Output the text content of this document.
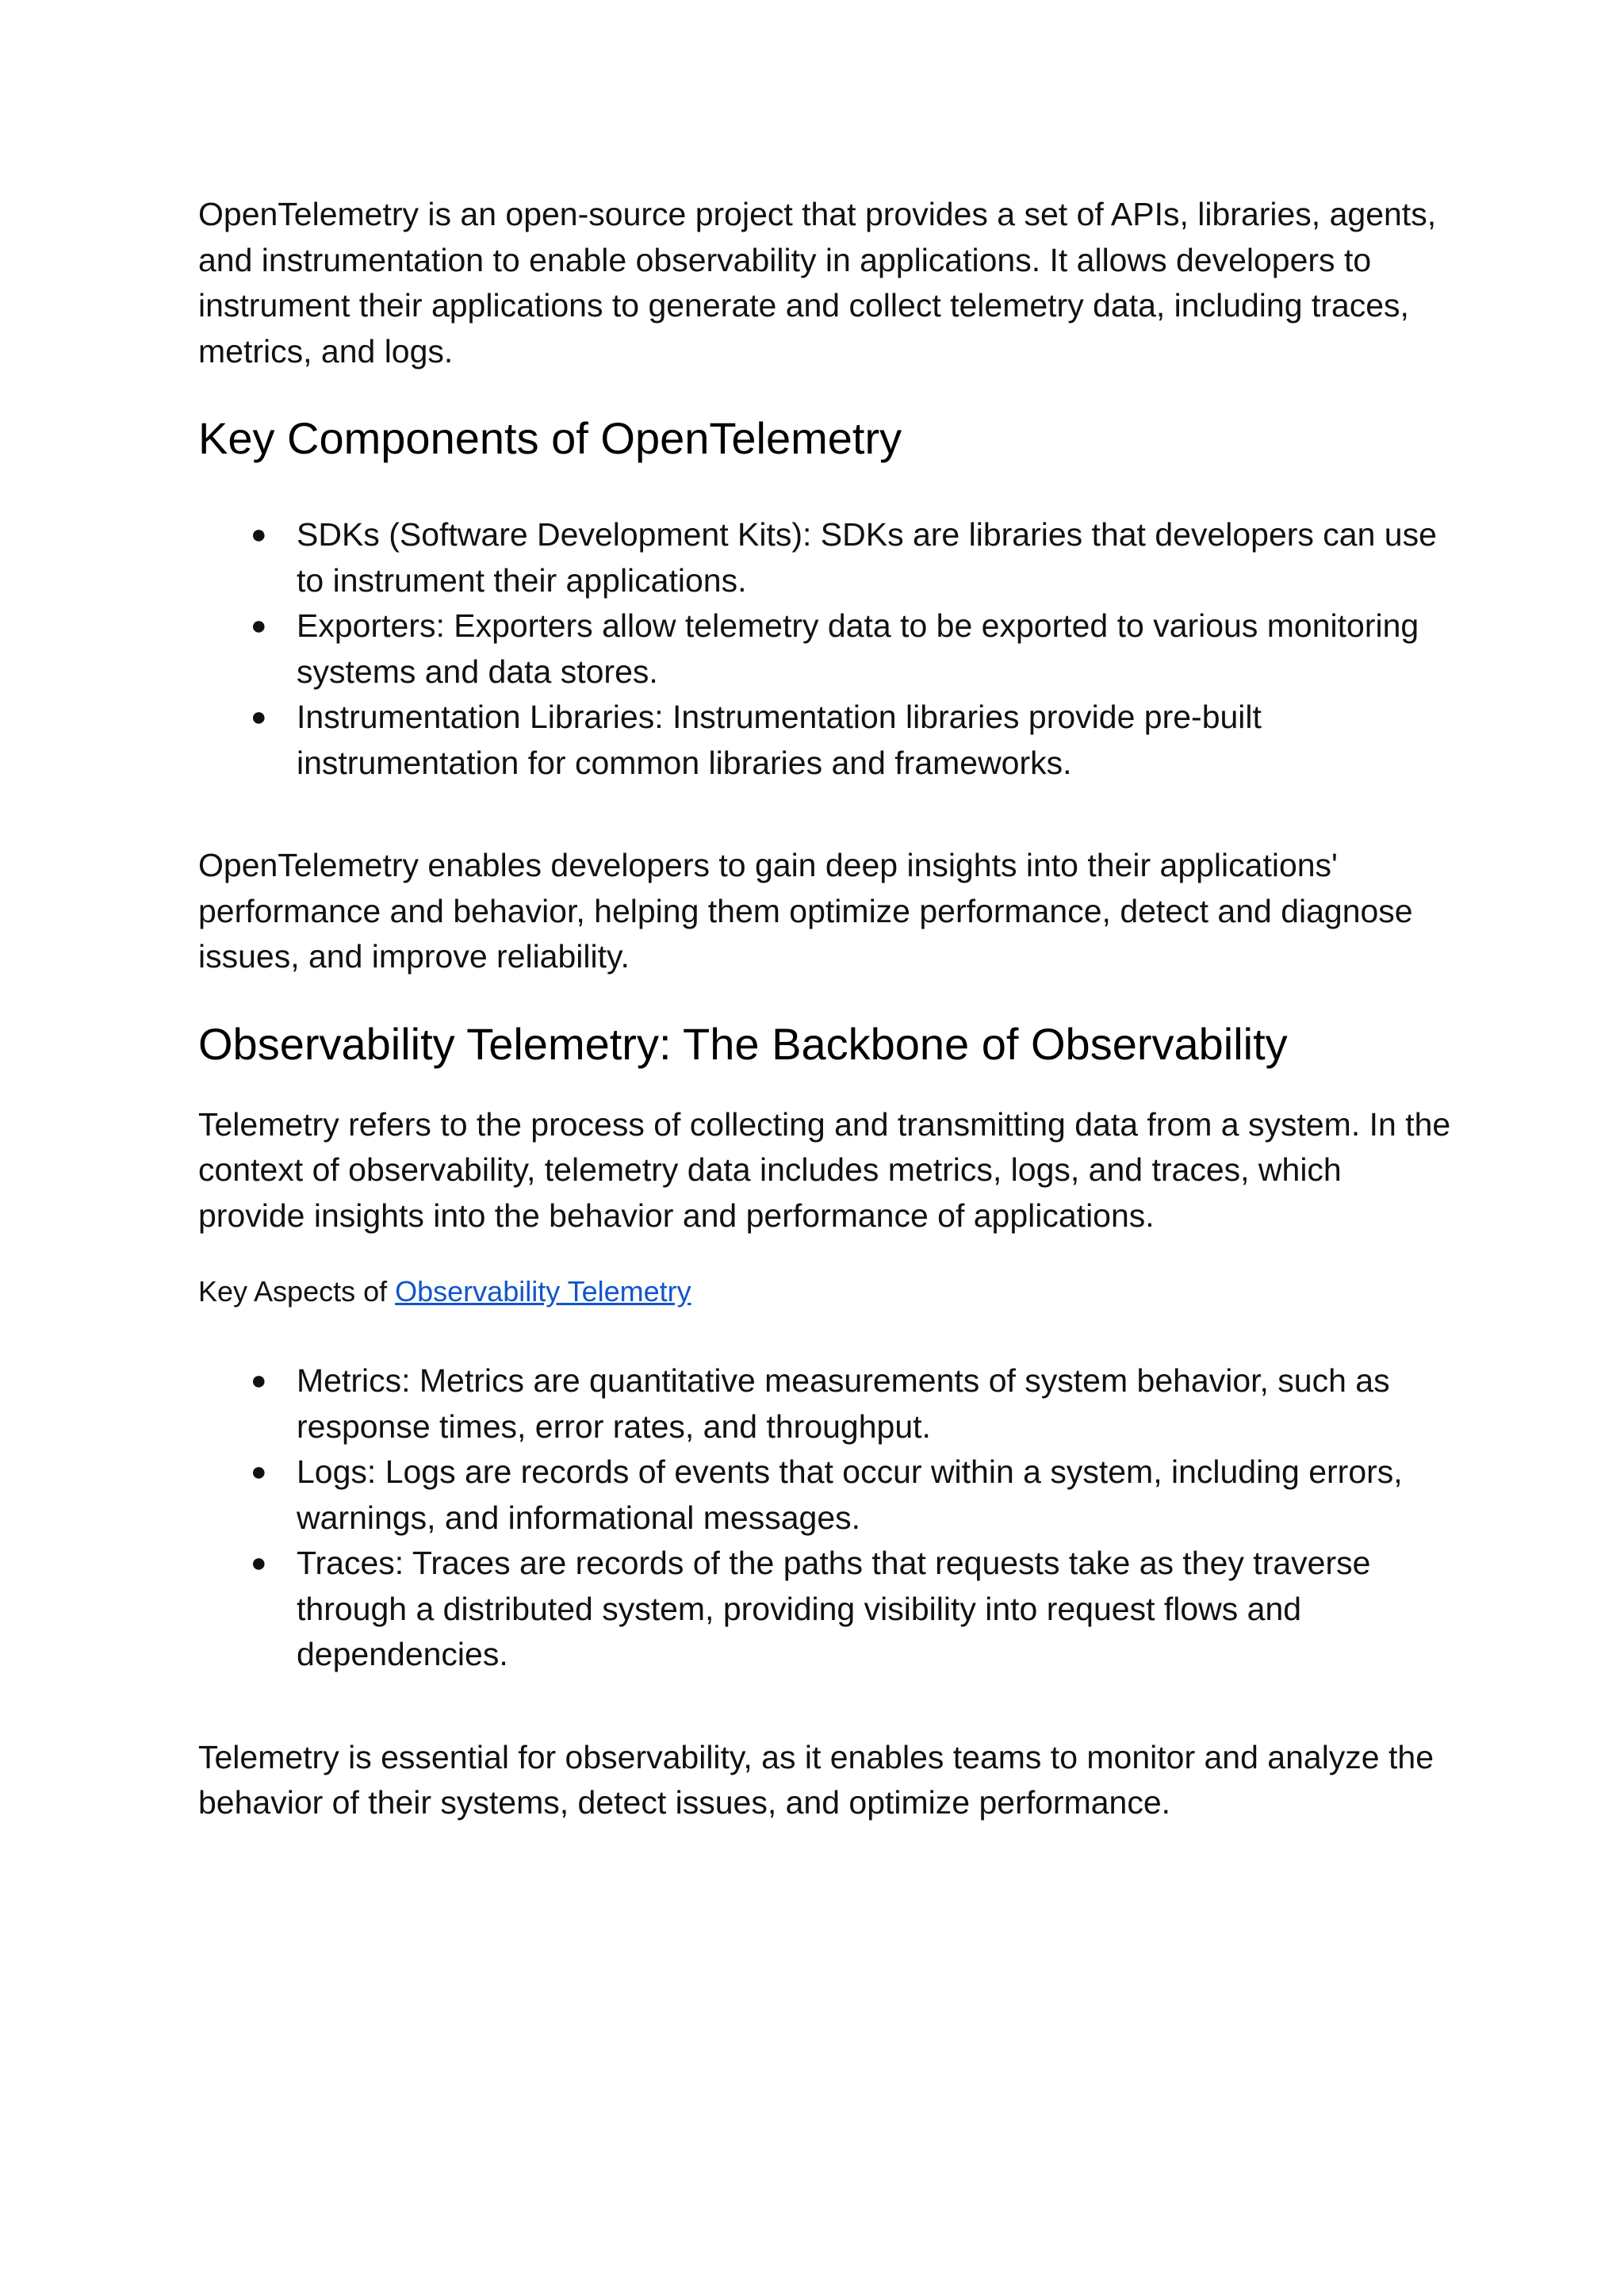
OpenTelemetry is an open-source project that provides a set of APIs, libraries, agents, and instrumentation to enable observability in applications. It allows developers to instrument their applications to generate and collect telemetry data, including traces, metrics, and logs.

Key Components of OpenTelemetry
● SDKs (Software Development Kits): SDKs are libraries that developers can use to instrument their applications.
● Exporters: Exporters allow telemetry data to be exported to various monitoring systems and data stores.
● Instrumentation Libraries: Instrumentation libraries provide pre-built instrumentation for common libraries and frameworks.

OpenTelemetry enables developers to gain deep insights into their applications' performance and behavior, helping them optimize performance, detect and diagnose issues, and improve reliability.

Observability Telemetry: The Backbone of Observability

Telemetry refers to the process of collecting and transmitting data from a system. In the context of observability, telemetry data includes metrics, logs, and traces, which provide insights into the behavior and performance of applications.

Key Aspects of Observability Telemetry

● Metrics: Metrics are quantitative measurements of system behavior, such as response times, error rates, and throughput.
● Logs: Logs are records of events that occur within a system, including errors, warnings, and informational messages.
● Traces: Traces are records of the paths that requests take as they traverse through a distributed system, providing visibility into request flows and dependencies.

Telemetry is essential for observability, as it enables teams to monitor and analyze the behavior of their systems, detect issues, and optimize performance.
